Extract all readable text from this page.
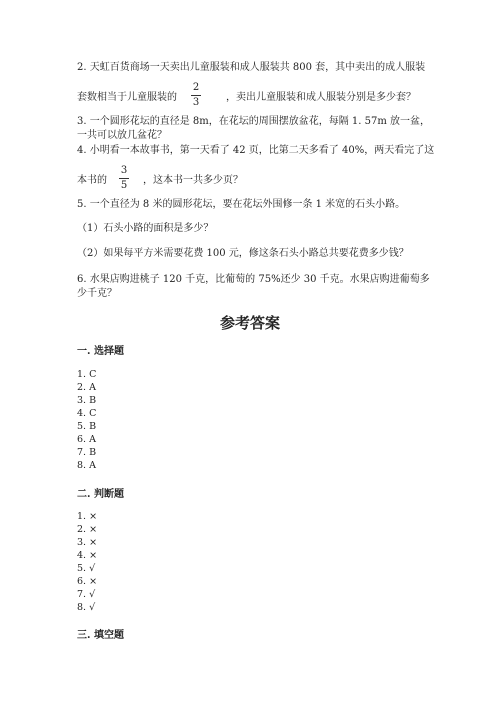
2. 天虹百货商场一天卖出儿童服装和成人服装共 800 套，其中卖出的成人服装
套数相当于儿童服装的
2
3	，卖出儿童服装和成人服装分别是多少套？
3. 一个圆形花坛的直径是 8m，在花坛的周围摆放盆花，每隔 1. 57m 放一盆，一共可以放几盆花？
4. 小明看一本故事书，第一天看了 42 页，比第二天多看了 40%，两天看完了这
本书的
3
5	，这本书一共多少页？
5. 一个直径为 8 米的圆形花坛，要在花坛外围修一条 1 米宽的石头小路。
（1）石头小路的面积是多少？
（2）如果每平方米需要花费 100 元，修这条石头小路总共要花费多少钱？
6. 水果店购进桃子 120 千克，比葡萄的 75%还少 30 千克。水果店购进葡萄多少千克？
参考答案
一. 选择题
1. C
2. A
3. B
4. C
5. B
6. A
7. B
8. A
二. 判断题
1. ×
2. ×
3. ×
4. ×
5. √
6. ×
7. √
8. √
三. 填空题
